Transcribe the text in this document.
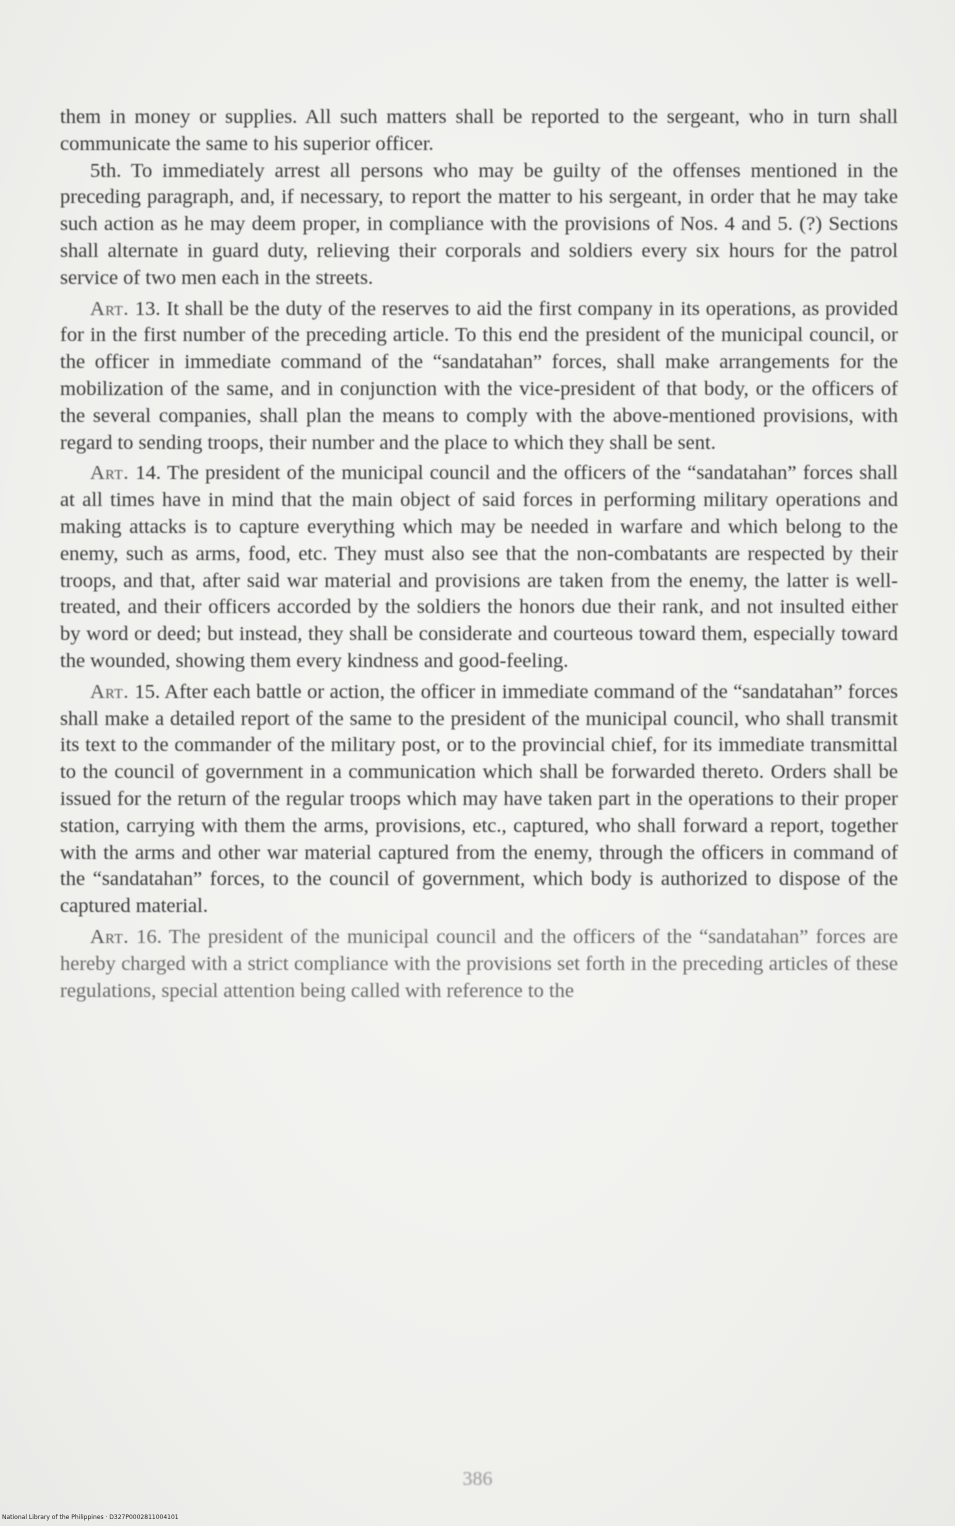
them in money or supplies. All such matters shall be reported to the sergeant, who in turn shall communicate the same to his superior officer.

5th. To immediately arrest all persons who may be guilty of the offenses mentioned in the preceding paragraph, and, if necessary, to report the matter to his sergeant, in order that he may take such action as he may deem proper, in compliance with the provisions of Nos. 4 and 5. (?) Sections shall alternate in guard duty, relieving their corporals and soldiers every six hours for the patrol service of two men each in the streets.

Art. 13. It shall be the duty of the reserves to aid the first company in its operations, as provided for in the first number of the preceding article. To this end the president of the municipal council, or the officer in immediate command of the “sandatahan” forces, shall make arrangements for the mobilization of the same, and in conjunction with the vice-president of that body, or the officers of the several companies, shall plan the means to comply with the above-mentioned provisions, with regard to sending troops, their number and the place to which they shall be sent.

Art. 14. The president of the municipal council and the officers of the “sandatahan” forces shall at all times have in mind that the main object of said forces in performing military operations and making attacks is to capture everything which may be needed in warfare and which belong to the enemy, such as arms, food, etc. They must also see that the non-combatants are respected by their troops, and that, after said war material and provisions are taken from the enemy, the latter is well-treated, and their officers accorded by the soldiers the honors due their rank, and not insulted either by word or deed; but instead, they shall be considerate and courteous toward them, especially toward the wounded, showing them every kindness and good-feeling.

Art. 15. After each battle or action, the officer in immediate command of the “sandatahan” forces shall make a detailed report of the same to the president of the municipal council, who shall transmit its text to the commander of the military post, or to the provincial chief, for its immediate transmittal to the council of government in a communication which shall be forwarded thereto. Orders shall be issued for the return of the regular troops which may have taken part in the operations to their proper station, carrying with them the arms, provisions, etc., captured, who shall forward a report, together with the arms and other war material captured from the enemy, through the officers in command of the “sandatahan” forces, to the council of government, which body is authorized to dispose of the captured material.

Art. 16. The president of the municipal council and the officers of the “sandatahan” forces are hereby charged with a strict compliance with the provisions set forth in the preceding articles of these regulations, special attention being called with reference to the

386
National Library of the Philippines · D327P0002811004101
